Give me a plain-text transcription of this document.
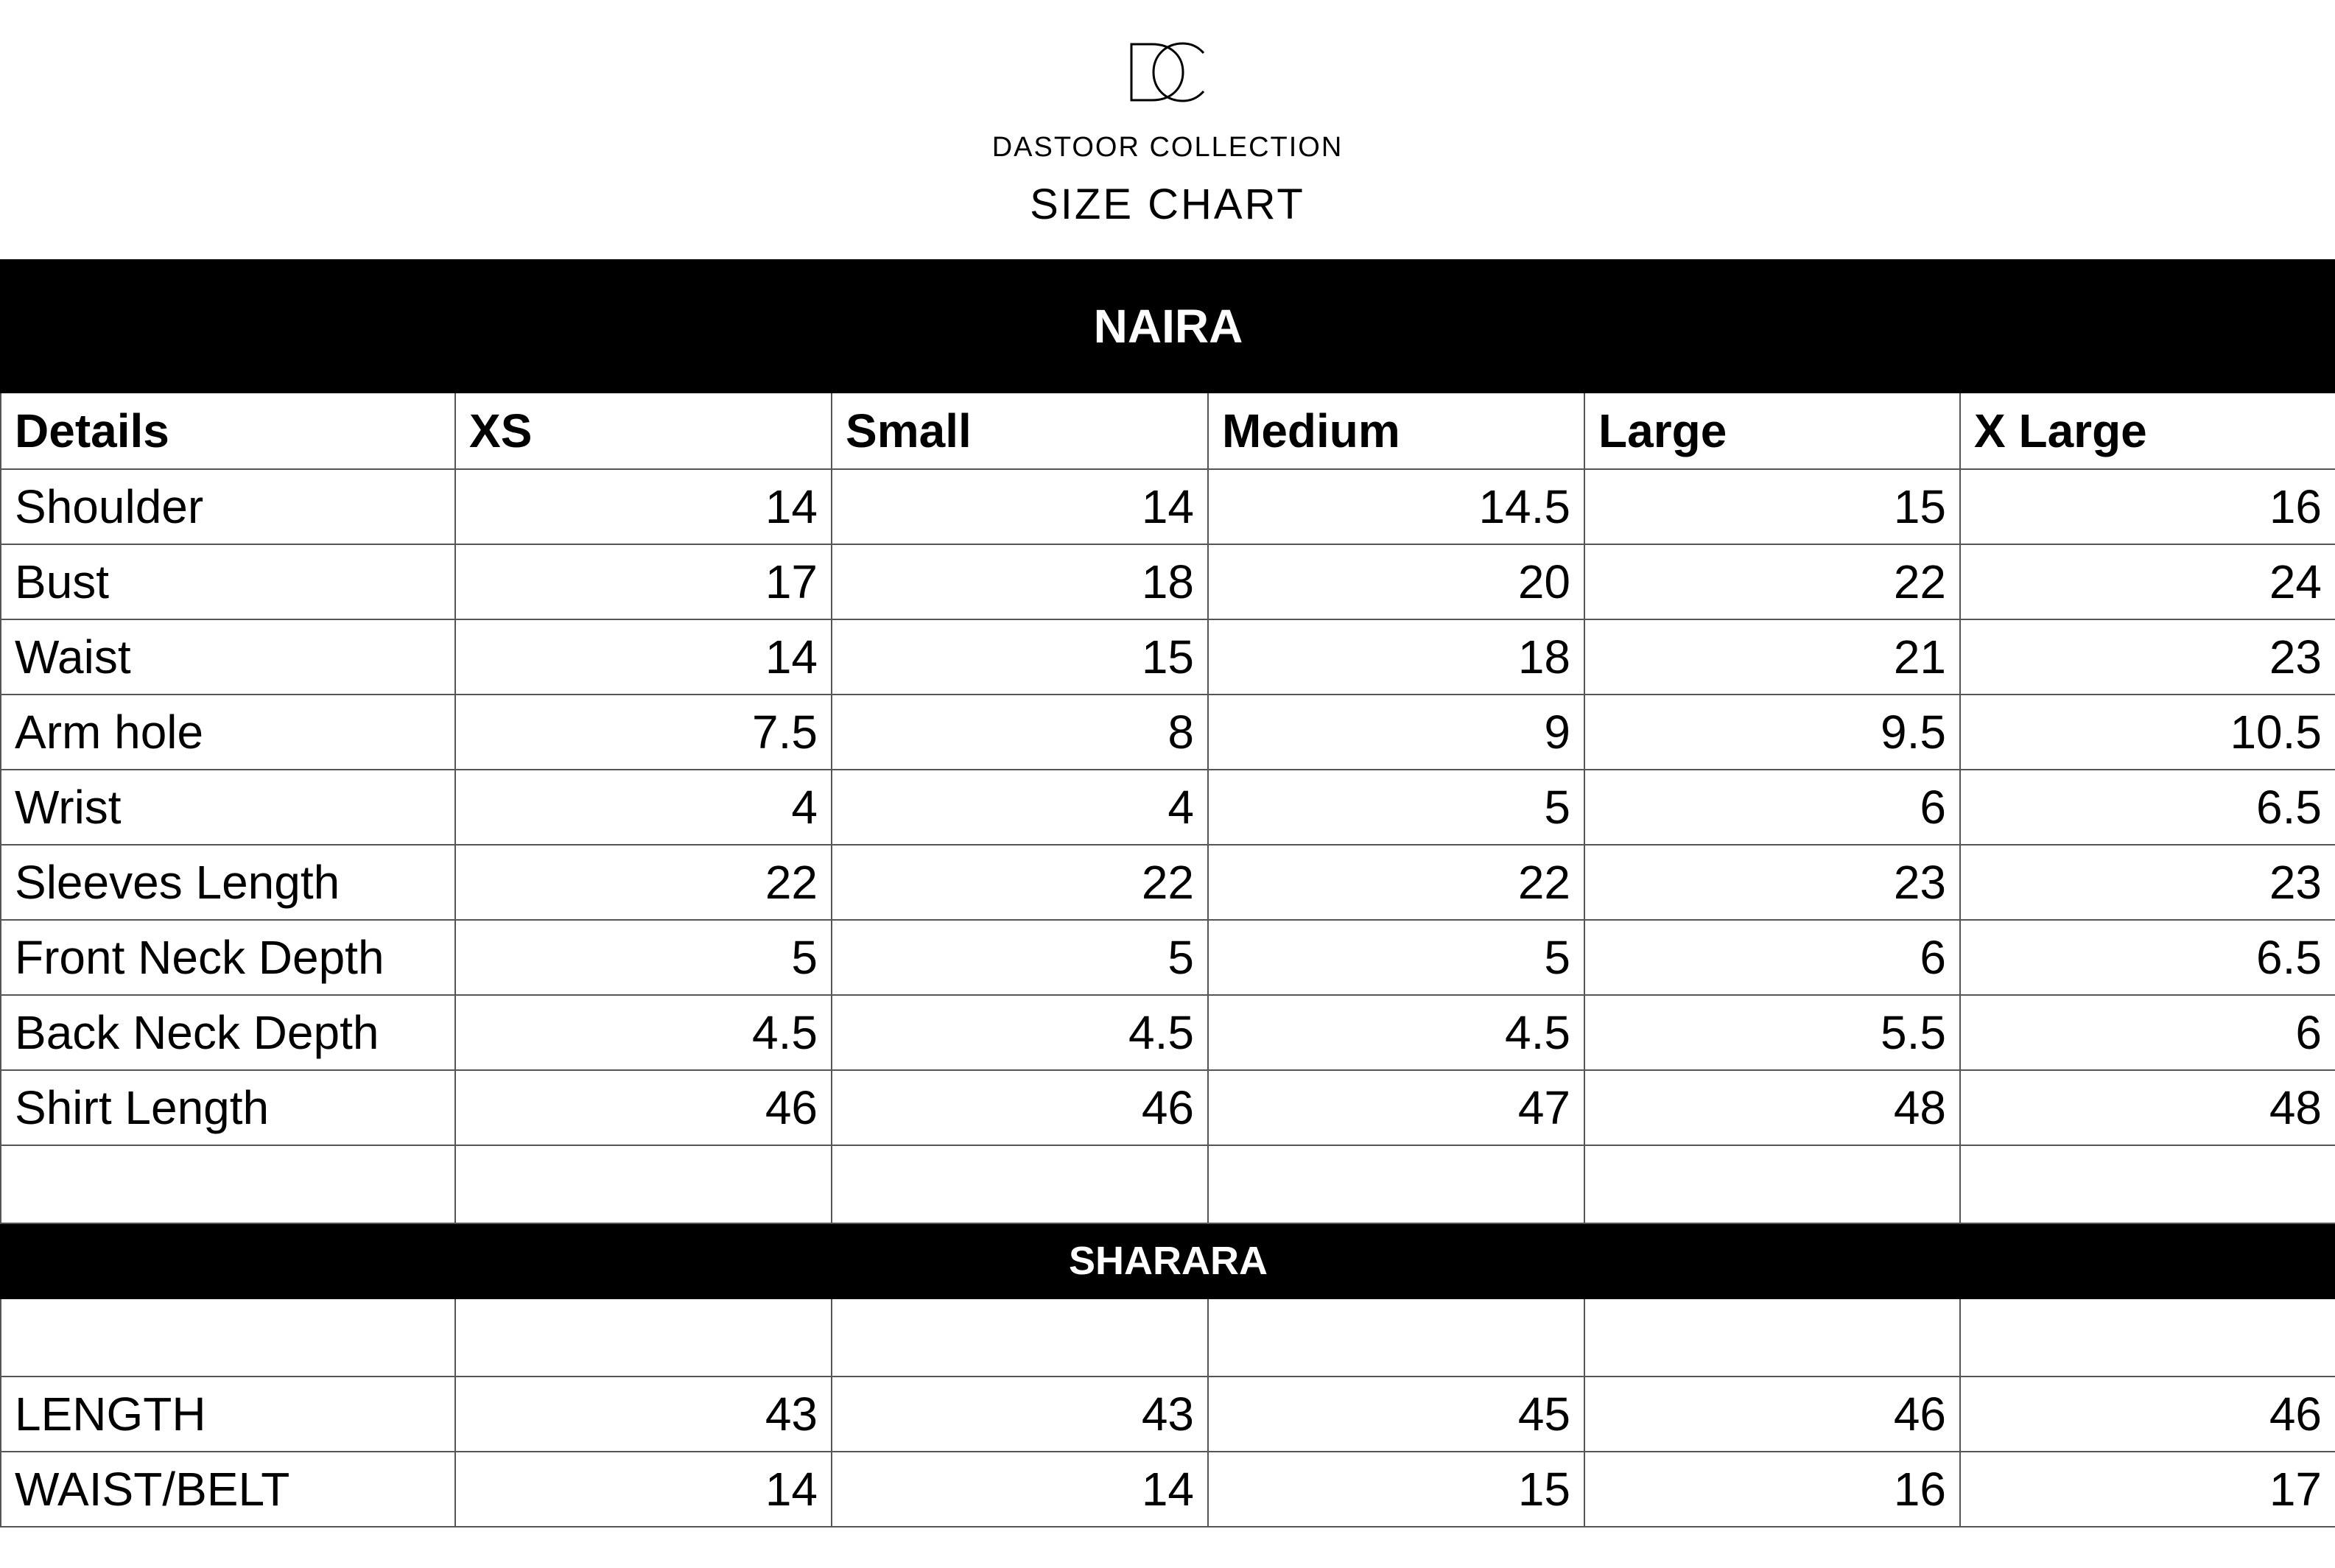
DASTOOR COLLECTION
SIZE CHART
NAIRA					
Details	XS	Small	Medium	Large	X Large
Shoulder	14	14	14.5	15	16
Bust	17	18	20	22	24
Waist	14	15	18	21	23
Arm hole	7.5	8	9	9.5	10.5
Wrist	4	4	5	6	6.5
Sleeves Length	22	22	22	23	23
Front Neck Depth	5	5	5	6	6.5
Back Neck Depth	4.5	4.5	4.5	5.5	6
Shirt Length	46	46	47	48	48

SHARARA					

LENGTH	43	43	45	46	46
WAIST/BELT	14	14	15	16	17
